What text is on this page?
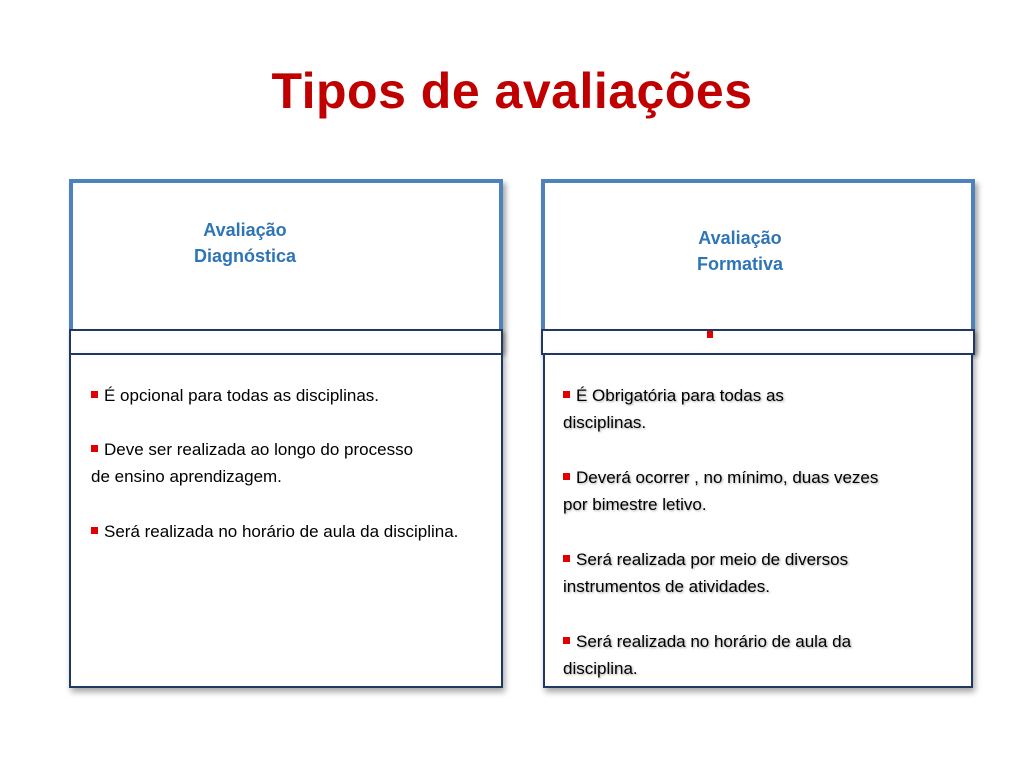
Tipos de avaliações
Avaliação
Diagnóstica
É opcional para todas as disciplinas.
Deve ser realizada ao longo do processo de ensino aprendizagem.
Será realizada no horário de aula da disciplina.
Avaliação
Formativa
É Obrigatória para todas as disciplinas.
Deverá ocorrer , no mínimo, duas vezes por bimestre letivo.
Será realizada por meio de diversos instrumentos de atividades.
Será realizada no horário de aula da disciplina.
